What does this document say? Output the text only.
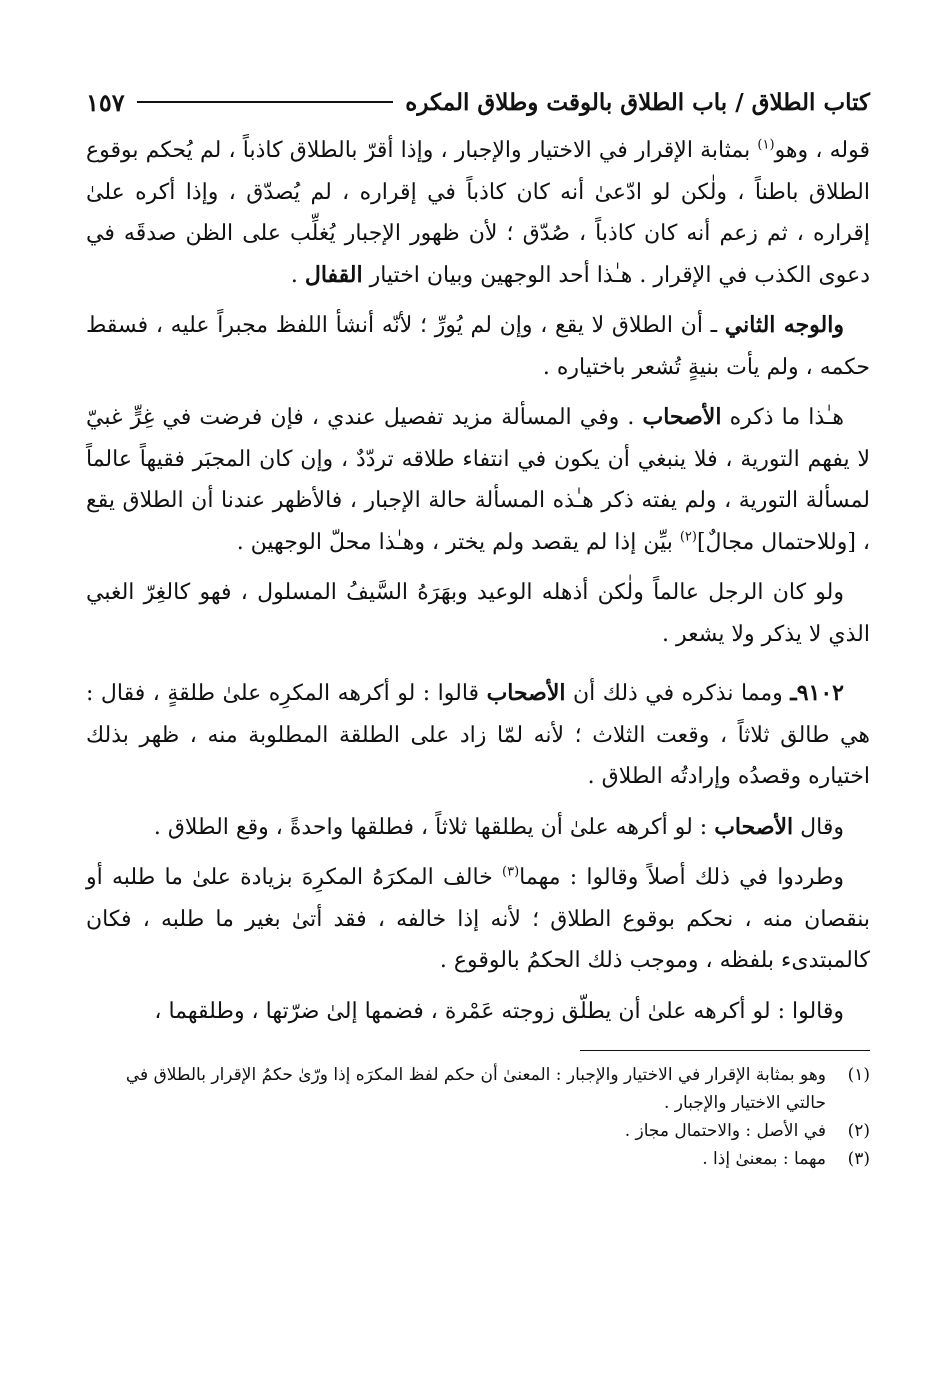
كتاب الطلاق / باب الطلاق بالوقت وطلاق المكره
١٥٧

قوله ، وهو$^{(١)}$ بمثابة الإقرار في الاختيار والإجبار ، وإذا أقرّ بالطلاق كاذباً ، لم يُحكم بوقوع الطلاق باطناً ، ولٰكن لو ادّعىٰ أنه كان كاذباً في إقراره ، لم يُصدّق ، وإذا أكره علىٰ إقراره ، ثم زعم أنه كان كاذباً ، صُدّق ؛ لأن ظهور الإجبار يُغلِّب على الظن صدقَه في دعوى الكذب في الإقرار . هـٰذا أحد الوجهين وبيان اختيار القفال .

والوجه الثاني ـ أن الطلاق لا يقع ، وإن لم يُورِّ ؛ لأنّه أنشأ اللفظ مجبراً عليه ، فسقط حكمه ، ولم يأت بنيةٍ تُشعر باختياره .

هـٰذا ما ذكره الأصحاب . وفي المسألة مزيد تفصيل عندي ، فإن فرضت في غِرٍّ غبيّ لا يفهم التورية ، فلا ينبغي أن يكون في انتفاء طلاقه تردّدٌ ، وإن كان المجبَر فقيهاً عالماً لمسألة التورية ، ولم يفته ذكر هـٰذه المسألة حالة الإجبار ، فالأظهر عندنا أن الطلاق يقع ، [وللاحتمال مجالٌ]$^{(٢)}$ بيِّن إذا لم يقصد ولم يختر ، وهـٰذا محلّ الوجهين .

ولو كان الرجل عالماً ولٰكن أذهله الوعيد وبهَرَهُ السَّيفُ المسلول ، فهو كالغِرّ الغبي الذي لا يذكر ولا يشعر .

٩١٠٢ـ ومما نذكره في ذلك أن الأصحاب قالوا : لو أكرهه المكرِه علىٰ طلقةٍ ، فقال : هي طالق ثلاثاً ، وقعت الثلاث ؛ لأنه لمّا زاد على الطلقة المطلوبة منه ، ظهر بذلك اختياره وقصدُه وإرادتُه الطلاق .

وقال الأصحاب : لو أكرهه علىٰ أن يطلقها ثلاثاً ، فطلقها واحدةً ، وقع الطلاق .

وطردوا في ذلك أصلاً وقالوا : مهما$^{(٣)}$ خالف المكرَهُ المكرِهَ بزيادة علىٰ ما طلبه أو بنقصان منه ، نحكم بوقوع الطلاق ؛ لأنه إذا خالفه ، فقد أتىٰ بغير ما طلبه ، فكان كالمبتدىء بلفظه ، وموجب ذلك الحكمُ بالوقوع .

وقالوا : لو أكرهه علىٰ أن يطلّق زوجته عَمْرة ، فضمها إلىٰ ضرّتها ، وطلقهما ،

(١)
وهو بمثابة الإقرار في الاختيار والإجبار : المعنىٰ أن حكم لفظ المكرَه إذا ورّىٰ حكمُ الإقرار بالطلاق في حالتي الاختيار والإجبار .
(٢)
في الأصل : والاحتمال مجاز .
(٣)
مهما : بمعنىٰ إذا .
